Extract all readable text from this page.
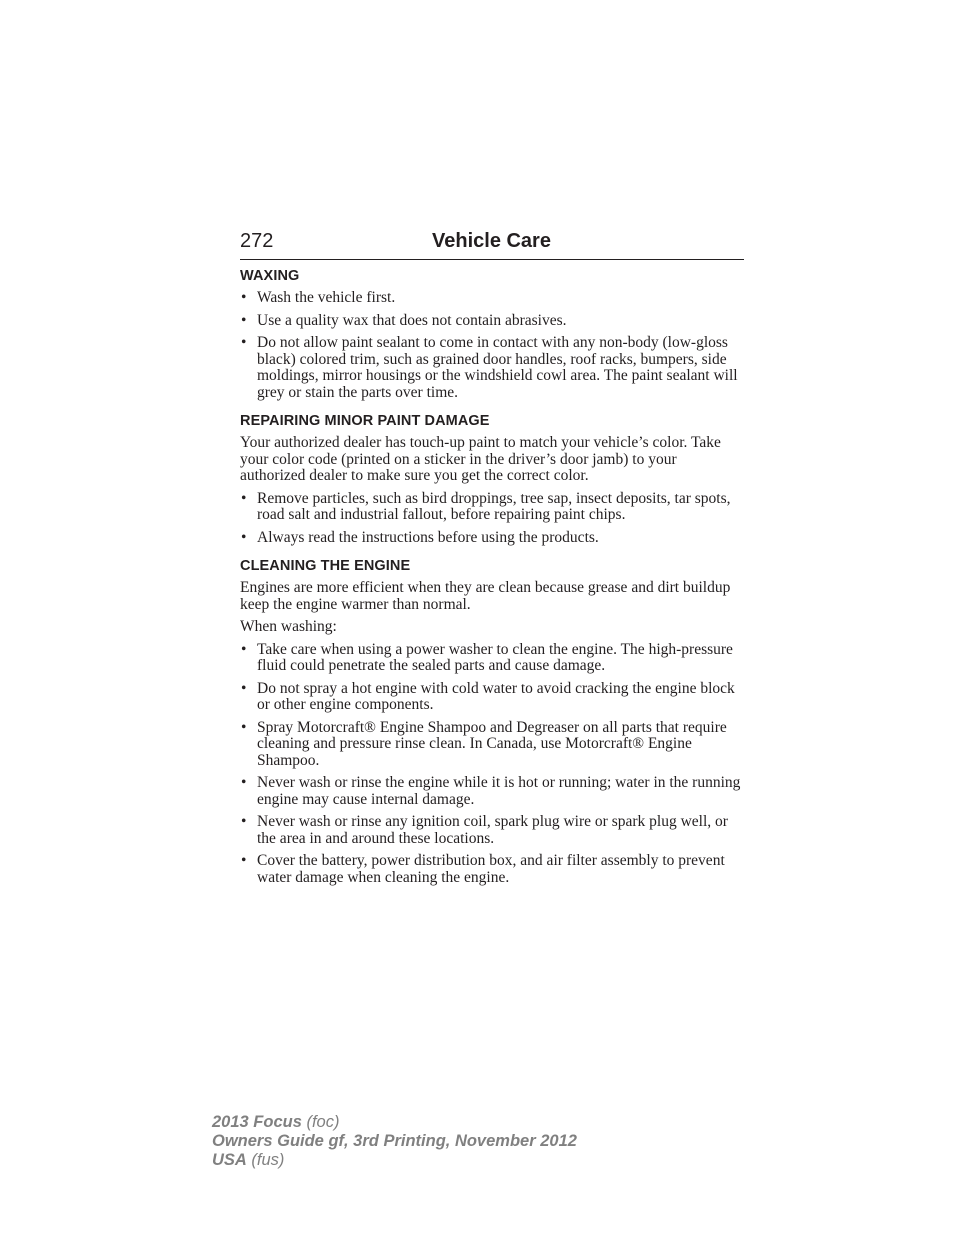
272	Vehicle Care
WAXING
• Wash the vehicle first.
• Use a quality wax that does not contain abrasives.
• Do not allow paint sealant to come in contact with any non-body (low-gloss black) colored trim, such as grained door handles, roof racks, bumpers, side moldings, mirror housings or the windshield cowl area. The paint sealant will grey or stain the parts over time.
REPAIRING MINOR PAINT DAMAGE

Your authorized dealer has touch-up paint to match your vehicle’s color. Take your color code (printed on a sticker in the driver’s door jamb) to your authorized dealer to make sure you get the correct color.

• Remove particles, such as bird droppings, tree sap, insect deposits, tar spots, road salt and industrial fallout, before repairing paint chips.
• Always read the instructions before using the products.
CLEANING THE ENGINE

Engines are more efficient when they are clean because grease and dirt buildup keep the engine warmer than normal.

When washing:

• Take care when using a power washer to clean the engine. The high-pressure fluid could penetrate the sealed parts and cause damage.
• Do not spray a hot engine with cold water to avoid cracking the engine block or other engine components.
• Spray Motorcraft® Engine Shampoo and Degreaser on all parts that require cleaning and pressure rinse clean. In Canada, use Motorcraft® Engine Shampoo.
• Never wash or rinse the engine while it is hot or running; water in the running engine may cause internal damage.
• Never wash or rinse any ignition coil, spark plug wire or spark plug well, or the area in and around these locations.
• Cover the battery, power distribution box, and air filter assembly to prevent water damage when cleaning the engine.
2013 Focus (foc)
Owners Guide gf, 3rd Printing, November 2012
USA (fus)
